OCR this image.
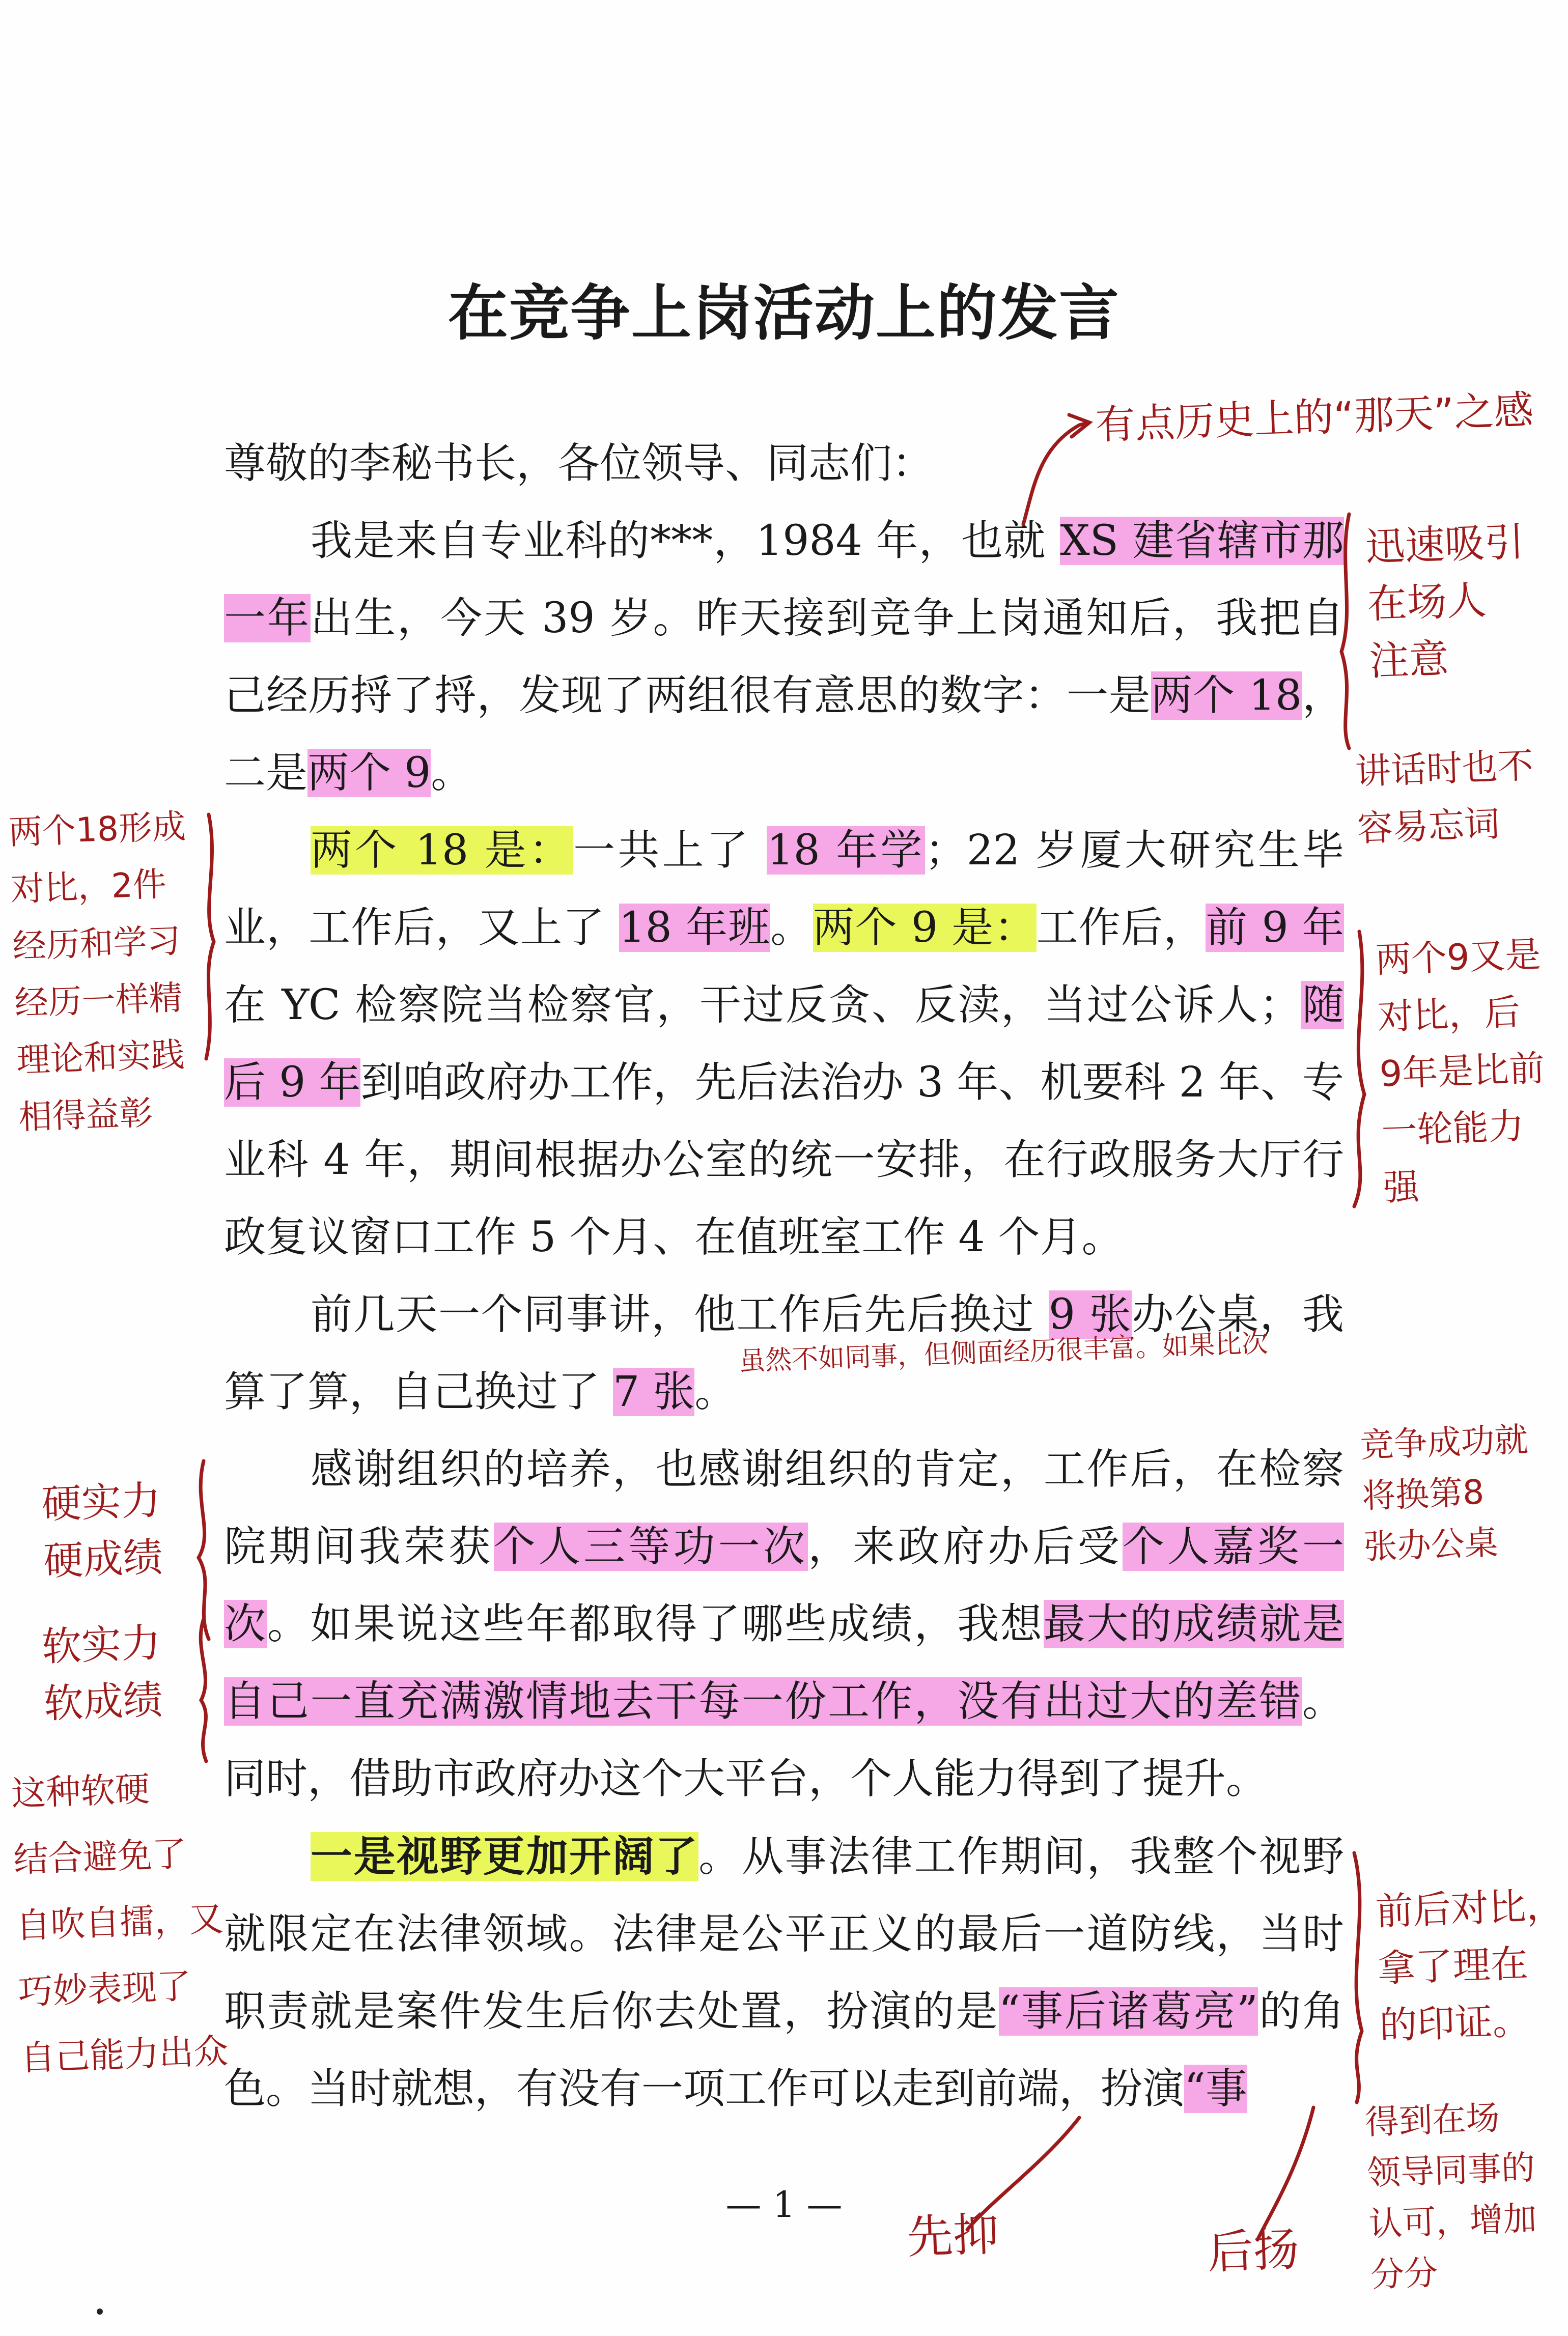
在竞争上岗活动上的发言

尊敬的李秘书长，各位领导、同志们：

我是来自专业科的***，1984 年，也就 XS 建省辖市那一年出生，今天 39 岁。昨天接到竞争上岗通知后，我把自己经历捋了捋，发现了两组很有意思的数字：一是两个 18，二是两个 9。

两个 18 是：一共上了 18 年学；22 岁厦大研究生毕业，工作后，又上了 18 年班。两个 9 是：工作后，前 9 年在 YC 检察院当检察官，干过反贪、反渎，当过公诉人；随后 9 年到咱政府办工作，先后法治办 3 年、机要科 2 年、专业科 4 年，期间根据办公室的统一安排，在行政服务大厅行政复议窗口工作 5 个月、在值班室工作 4 个月。

前几天一个同事讲，他工作后先后换过 9 张办公桌，我算了算，自己换过了 7 张。

感谢组织的培养，也感谢组织的肯定，工作后，在检察院期间我荣获个人三等功一次，来政府办后受个人嘉奖一次。如果说这些年都取得了哪些成绩，我想最大的成绩就是自己一直充满激情地去干每一份工作，没有出过大的差错。同时，借助市政府办这个大平台，个人能力得到了提升。

一是视野更加开阔了。从事法律工作期间，我整个视野就限定在法律领域。法律是公平正义的最后一道防线，当时职责就是案件发生后你去处置，扮演的是“事后诸葛亮”的角色。当时就想，有没有一项工作可以走到前端，扮演“事

— 1 —
有点历史上的“那天”之感
迅速吸引
在场人
注意
讲话时也不
容易忘词
两个18形成
对比，2件
经历和学习
经历一样精
理论和实践
相得益彰
两个9又是
对比，后
9年是比前
一轮能力
强
虽然不如同事，但侧面经历很丰富。如果比次
竞争成功就
将换第8
张办公桌
硬实力
硬成绩
软实力
软成绩
这种软硬
结合避免了
自吹自擂，又
巧妙表现了
自己能力出众
前后对比，
拿了理在
的印证。
得到在场
领导同事的
认可，增加
分分
先抑	后扬
